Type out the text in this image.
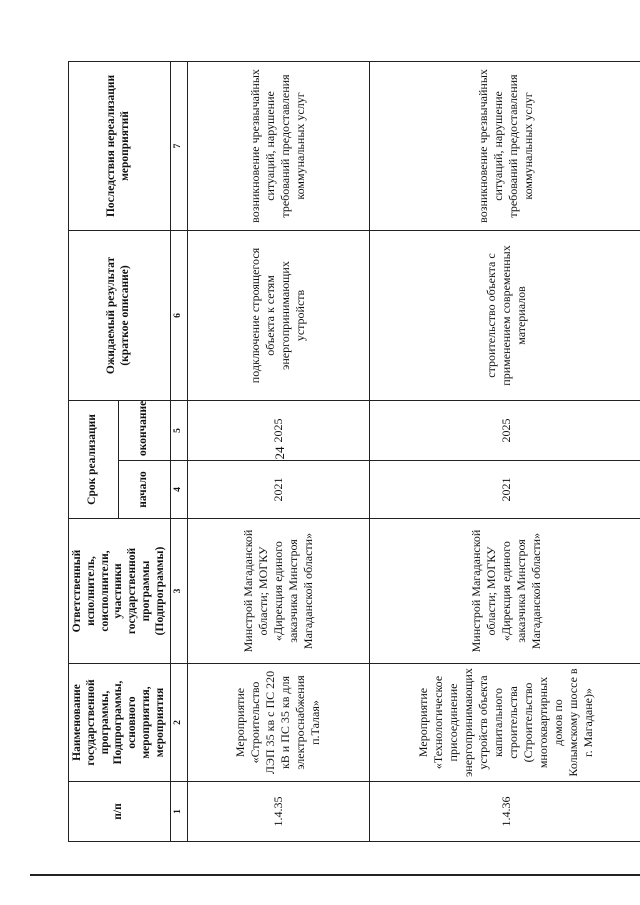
24
п/п	Наименование государственной программы, Подпрограммы, основного мероприятия, мероприятия	Ответственный исполнитель, соисполнители, участники государственной программы (Подпрограммы)	Срок реализации		Ожидаемый результат (краткое описание)	Последствия нереализации мероприятий
			начало	окончание		
1	2	3	4	5	6	7
1.4.35	Мероприятие «Строительство ЛЭП 35 кв с ПС 220 кВ и ПС 35 кв для электроснабжения п.Талая»	Минстрой Магаданской области; МОГКУ «Дирекция единого заказчика Минстроя Магаданской области»	2021	2025	подключение строящегося объекта к сетям энергопринимающих устройств	возникновение чрезвычайных ситуаций, нарушение требований предоставления коммунальных услуг
1.4.36	Мероприятие «Технологическое присоединение энергопринимающих устройств объекта капитального строительства (Строительство многоквартирных домов по Колымскому шоссе в г. Магадане)»	Минстрой Магаданской области; МОГКУ «Дирекция единого заказчика Минстроя Магаданской области»	2021	2025	строительство объекта с применением современных материалов	возникновение чрезвычайных ситуаций, нарушение требований предоставления коммунальных услуг
